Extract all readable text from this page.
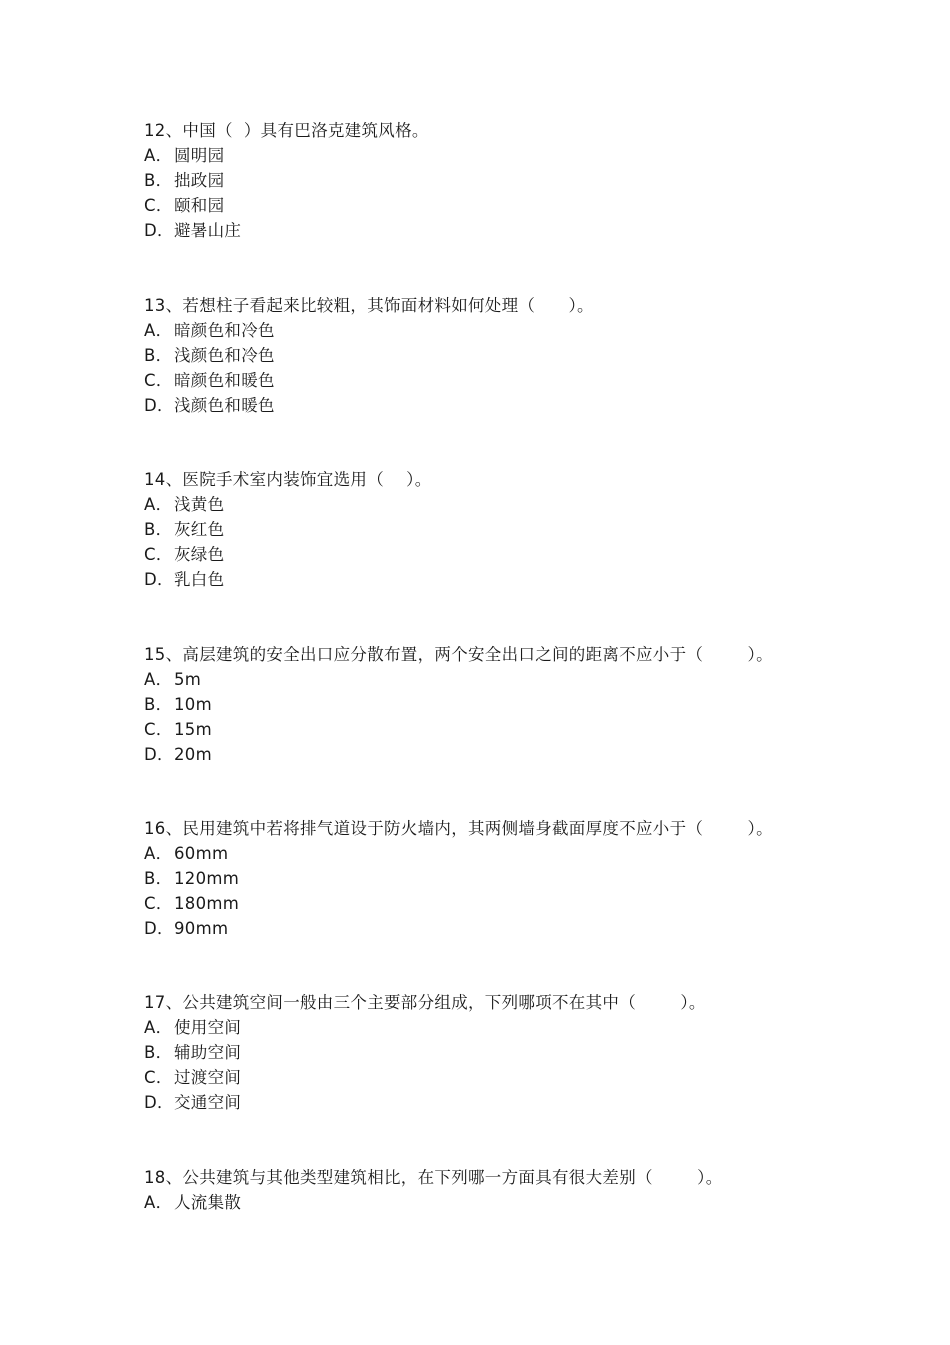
12、中国（  ）具有巴洛克建筑风格。
A．圆明园
B．拙政园
C．颐和园
D．避暑山庄
13、若想柱子看起来比较粗，其饰面材料如何处理（      ）。
A．暗颜色和冷色
B．浅颜色和冷色
C．暗颜色和暖色
D．浅颜色和暖色
14、医院手术室内装饰宜选用（    ）。
A．浅黄色
B．灰红色
C．灰绿色
D．乳白色
15、高层建筑的安全出口应分散布置，两个安全出口之间的距离不应小于（        ）。
A．5m
B．10m
C．15m
D．20m
16、民用建筑中若将排气道设于防火墙内，其两侧墙身截面厚度不应小于（        ）。
A．60mm
B．120mm
C．180mm
D．90mm
17、公共建筑空间一般由三个主要部分组成，下列哪项不在其中（        ）。
A．使用空间
B．辅助空间
C．过渡空间
D．交通空间
18、公共建筑与其他类型建筑相比，在下列哪一方面具有很大差别（        ）。
A．人流集散
